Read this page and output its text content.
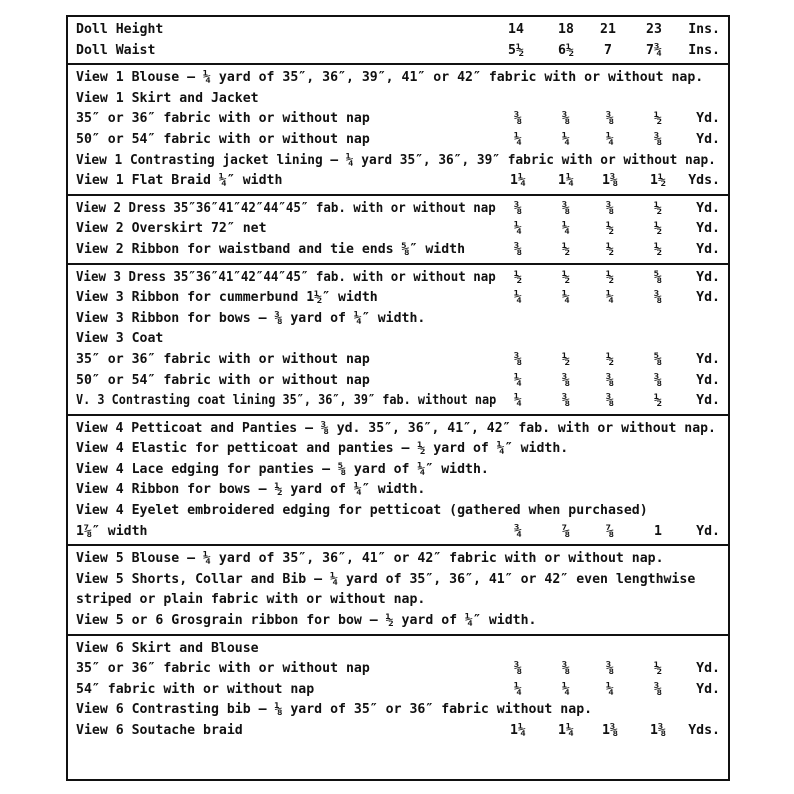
Doll Height	14	18	21	23	Ins.
Doll Waist	5½	6½	7	7¾	Ins.
View 1 Blouse — ¼ yard of 35″, 36″, 39″, 41″ or 42″ fabric with or without nap.
View 1 Skirt and Jacket
35″ or 36″ fabric with or without nap	⅜	⅜	⅜	½	Yd.
50″ or 54″ fabric with or without nap	¼	¼	¼	⅜	Yd.
View 1 Contrasting jacket lining — ¼ yard 35″, 36″, 39″ fabric with or without nap.
View 1 Flat Braid ¼″ width	1¼	1¼	1⅜	1½	Yds.
View 2 Dress 35″36″41″42″44″45″ fab. with or without nap	⅜	⅜	⅜	½	Yd.
View 2 Overskirt 72″ net	¼	¼	½	½	Yd.
View 2 Ribbon for waistband and tie ends ⅝″ width	⅜	½	½	½	Yd.
View 3 Dress 35″36″41″42″44″45″ fab. with or without nap	½	½	½	⅝	Yd.
View 3 Ribbon for cummerbund 1½″ width	¼	¼	¼	⅜	Yd.
View 3 Ribbon for bows — ⅜ yard of ¼″ width.
View 3 Coat
35″ or 36″ fabric with or without nap	⅜	½	½	⅝	Yd.
50″ or 54″ fabric with or without nap	¼	⅜	⅜	⅜	Yd.
V. 3 Contrasting coat lining 35″, 36″, 39″ fab. without nap	¼	⅜	⅜	½	Yd.
View 4 Petticoat and Panties — ⅜ yd. 35″, 36″, 41″, 42″ fab. with or without nap.
View 4 Elastic for petticoat and panties — ½ yard of ¼″ width.
View 4 Lace edging for panties — ⅝ yard of ¼″ width.
View 4 Ribbon for bows — ½ yard of ¼″ width.
View 4 Eyelet embroidered edging for petticoat (gathered when purchased)
1⅞″ width	¾	⅞	⅞	1	Yd.
View 5 Blouse — ¼ yard of 35″, 36″, 41″ or 42″ fabric with or without nap.
View 5 Shorts, Collar and Bib — ¼ yard of 35″, 36″, 41″ or 42″ even lengthwise
striped or plain fabric with or without nap.
View 5 or 6 Grosgrain ribbon for bow — ½ yard of ¼″ width.
View 6 Skirt and Blouse
35″ or 36″ fabric with or without nap	⅜	⅜	⅜	½	Yd.
54″ fabric with or without nap	¼	¼	¼	⅜	Yd.
View 6 Contrasting bib — ⅛ yard of 35″ or 36″ fabric without nap.
View 6 Soutache braid	1¼	1¼	1⅜	1⅜	Yds.
